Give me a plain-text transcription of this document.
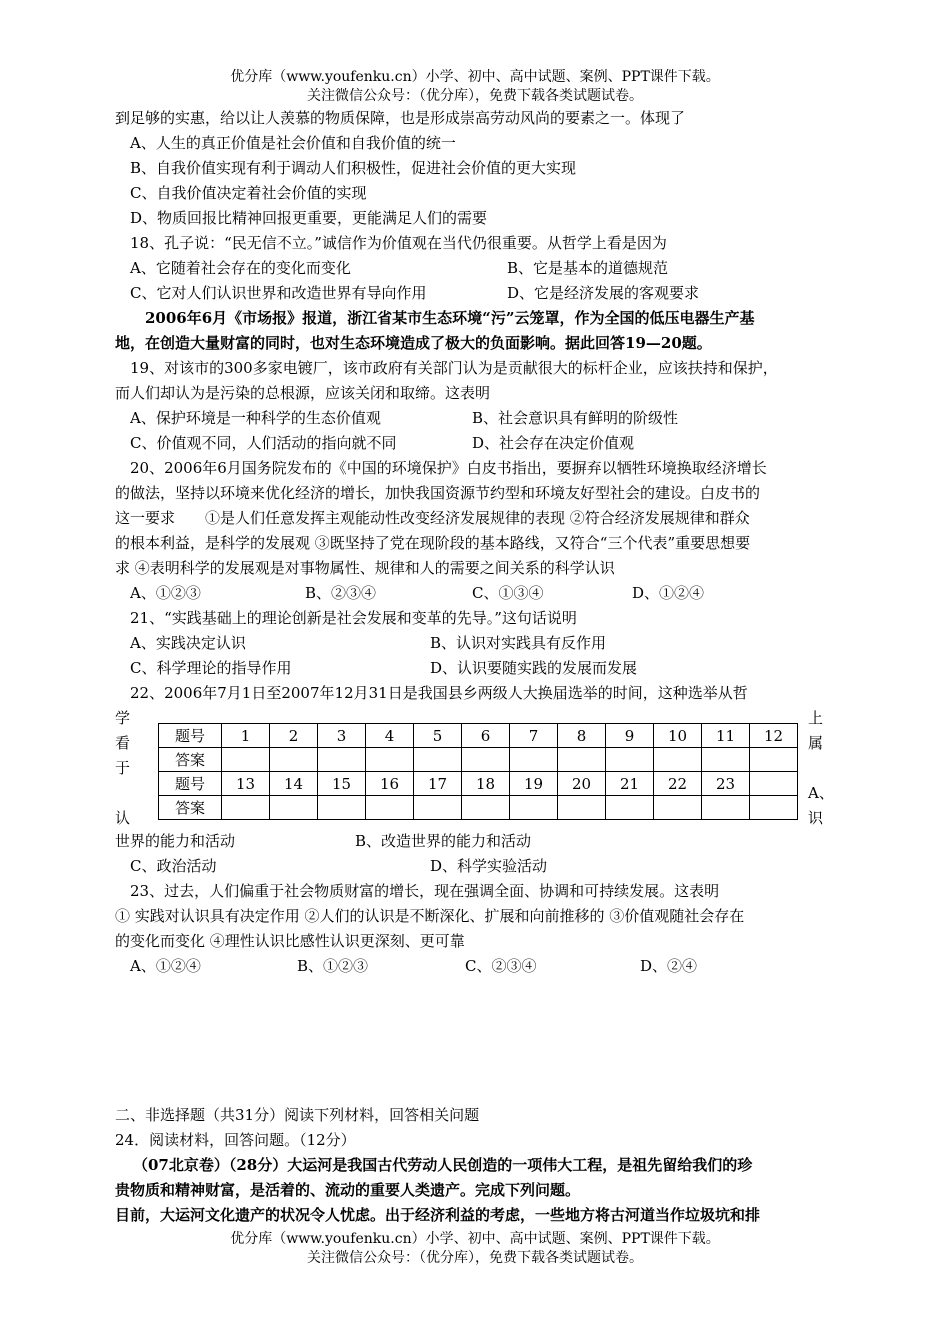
优分库（www.youfenku.cn）小学、初中、高中试题、案例、PPT课件下载。
关注微信公众号：（优分库），免费下载各类试题试卷。
到足够的实惠，给以让人羡慕的物质保障，也是形成崇高劳动风尚的要素之一。体现了
A、人生的真正价值是社会价值和自我价值的统一
B、自我价值实现有利于调动人们积极性，促进社会价值的更大实现
C、自我价值决定着社会价值的实现
D、物质回报比精神回报更重要，更能满足人们的需要
18、孔子说：“民无信不立。”诚信作为价值观在当代仍很重要。从哲学上看是因为
A、它随着社会存在的变化而变化	B、它是基本的道德规范
C、它对人们认识世界和改造世界有导向作用	D、它是经济发展的客观要求
2006年6月《市场报》报道，浙江省某市生态环境“污”云笼罩，作为全国的低压电器生产基
地，在创造大量财富的同时，也对生态环境造成了极大的负面影响。据此回答19—20题。
19、对该市的300多家电镀厂，该市政府有关部门认为是贡献很大的标杆企业，应该扶持和保护，
而人们却认为是污染的总根源，应该关闭和取缔。这表明
A、保护环境是一种科学的生态价值观	B、社会意识具有鲜明的阶级性
C、价值观不同，人们活动的指向就不同	D、社会存在决定价值观
20、2006年6月国务院发布的《中国的环境保护》白皮书指出，要摒弃以牺牲环境换取经济增长
的做法，坚持以环境来优化经济的增长，加快我国资源节约型和环境友好型社会的建设。白皮书的
这一要求　　①是人们任意发挥主观能动性改变经济发展规律的表现 ②符合经济发展规律和群众
的根本利益，是科学的发展观 ③既坚持了党在现阶段的基本路线，又符合“三个代表”重要思想要
求 ④表明科学的发展观是对事物属性、规律和人的需要之间关系的科学认识
A、①②③	B、②③④	C、①③④	D、①②④
21、“实践基础上的理论创新是社会发展和变革的先导。”这句话说明
A、实践决定认识	B、认识对实践具有反作用
C、科学理论的指导作用	D、认识要随实践的发展而发展
22、2006年7月1日至2007年12月31日是我国县乡两级人大换届选举的时间，这种选举从哲
学
看
于
认
上
属
A、
识
题号	1	2	3	4	5	6	7	8	9	10	11	12
答案												
题号	13	14	15	16	17	18	19	20	21	22	23	
答案												
世界的能力和活动	B、改造世界的能力和活动
C、政治活动	D、科学实验活动
23、过去，人们偏重于社会物质财富的增长，现在强调全面、协调和可持续发展。这表明
① 实践对认识具有决定作用 ②人们的认识是不断深化、扩展和向前推移的 ③价值观随社会存在
的变化而变化 ④理性认识比感性认识更深刻、更可靠
A、①②④	B、①②③	C、②③④	D、②④
二、非选择题（共31分）阅读下列材料，回答相关问题
24．阅读材料，回答问题。（12分）
（07北京卷）（28分）大运河是我国古代劳动人民创造的一项伟大工程，是祖先留给我们的珍
贵物质和精神财富，是活着的、流动的重要人类遗产。完成下列问题。
目前，大运河文化遗产的状况令人忧虑。出于经济利益的考虑，一些地方将古河道当作垃圾坑和排
优分库（www.youfenku.cn）小学、初中、高中试题、案例、PPT课件下载。
关注微信公众号：（优分库），免费下载各类试题试卷。
